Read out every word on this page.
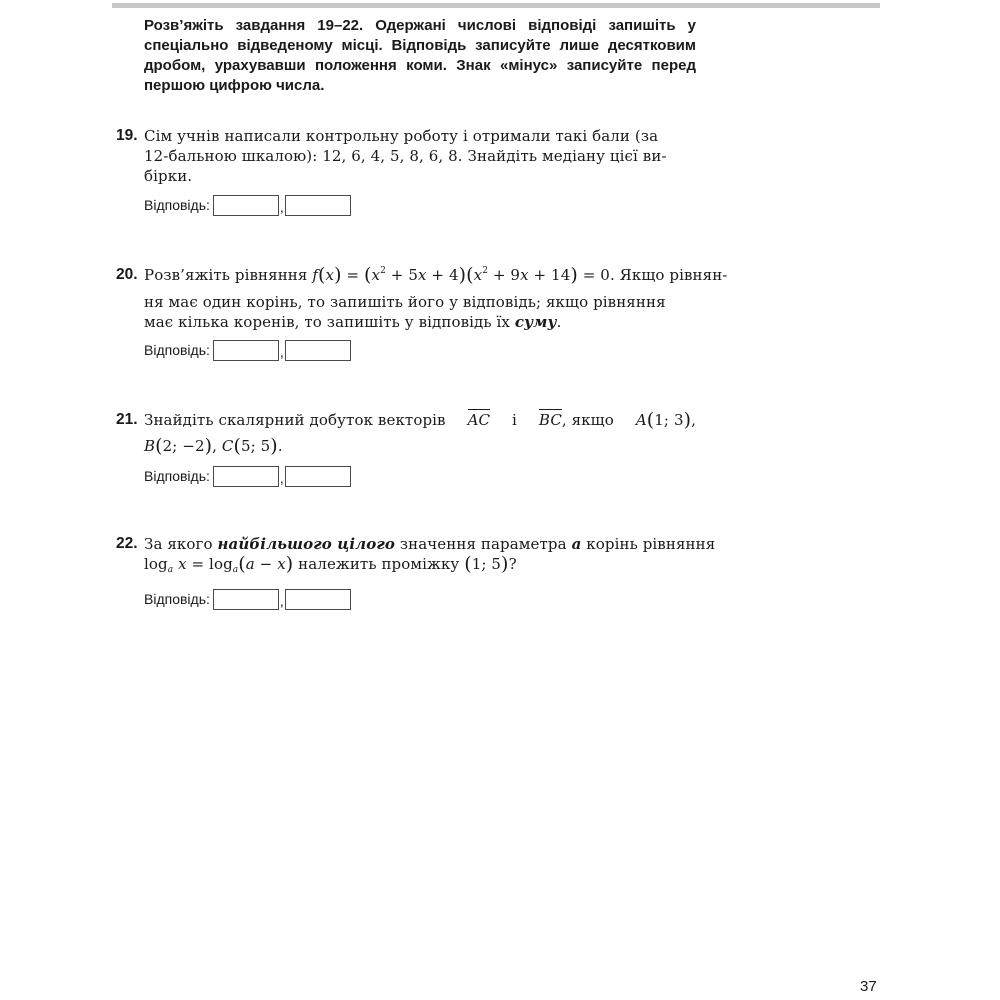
Розв’яжіть завдання 19–22. Одержані числові відповіді запишіть у спеціально відведеному місці. Відповідь записуйте лише десятковим дробом, урахувавши положення коми. Знак «мінус» записуйте перед першою цифрою числа.
19. Сім учнів написали контрольну роботу і отримали такі бали (за
12-бальною шкалою): 12, 6, 4, 5, 8, 6, 8. Знайдіть медіану цієї ви-
бірки.
Відповідь:	,
20. Розв’яжіть рівняння $f(x) = (x^2 + 5x + 4)(x^2 + 9x + 14) = 0$. Якщо рівнян-
ня має один корінь, то запишіть його у відповідь; якщо рівняння
має кілька коренів, то запишіть у відповідь їх суму.
Відповідь:	,
21. Знайдіть скалярний добуток векторів AC і BC, якщо A(1; 3),
B(2; −2), C(5; 5).
Відповідь:	,
22. За якого найбільшого цілого значення параметра a корінь рівняння
$\log_a x = \log_a(a - x)$ належить проміжку (1; 5)?
Відповідь:	,
37
